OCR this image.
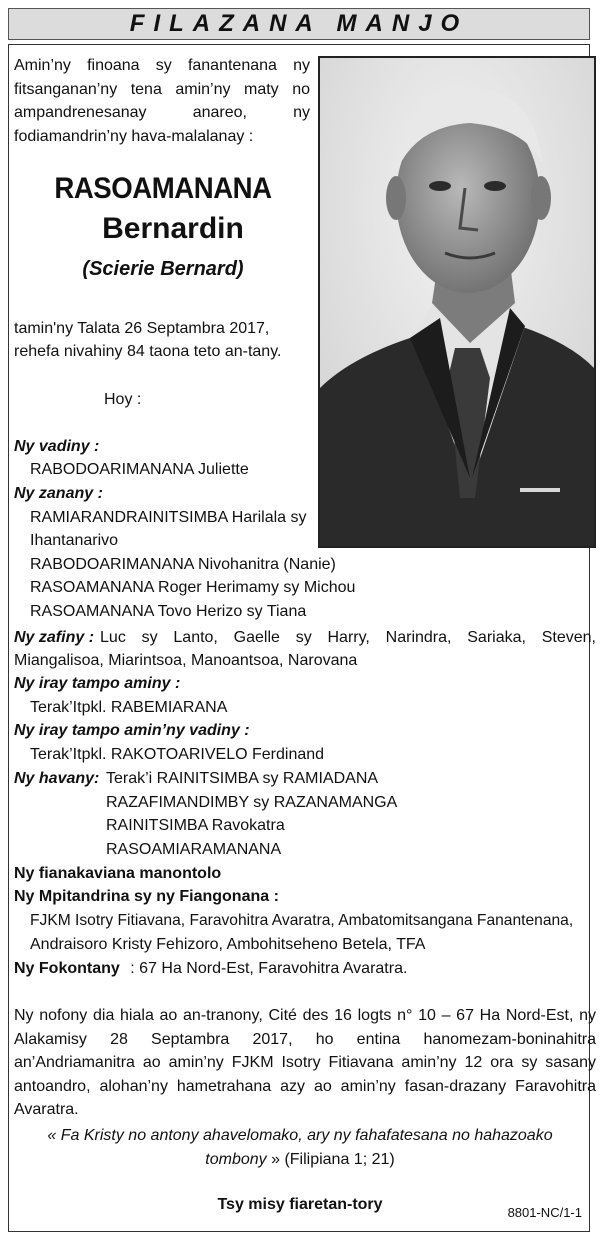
FILAZANA MANJO
Amin’ny finoana sy fanantenana ny fitsanganan’ny tena amin’ny maty no ampandrenesanay anareo, ny fodiamandrin’ny hava-malalanay :
RASOAMANANA
Bernardin
(Scierie Bernard)
tamin'ny Talata 26 Septambra 2017,
rehefa nivahiny 84 taona teto an-tany.
Hoy :
Ny vadiny :
RABODOARIMANANA Juliette
Ny zanany :
RAMIARANDRAINITSIMBA Harilala sy
Ihantanarivo
RABODOARIMANANA Nivohanitra (Nanie)
RASOAMANANA Roger Herimamy sy Michou
RASOAMANANA Tovo Herizo sy Tiana
Ny zafiny : Luc sy Lanto, Gaelle sy Harry, Narindra, Sariaka, Steven,
Miangalisoa, Miarintsoa, Manoantsoa, Narovana
Ny iray tampo aminy :
Terak’Itpkl. RABEMIARANA
Ny iray tampo amin’ny vadiny :
Terak’Itpkl. RAKOTOARIVELO Ferdinand
Ny havany: Terak’i RAINITSIMBA sy RAMIADANA
RAZAFIMANDIMBY sy RAZANAMANGA
RAINITSIMBA Ravokatra
RASOAMIARAMANANA
Ny fianakaviana manontolo
Ny Mpitandrina sy ny Fiangonana :
FJKM Isotry Fitiavana, Faravohitra Avaratra, Ambatomitsangana Fanantenana,
Andraisoro Kristy Fehizoro, Ambohitseheno Betela, TFA
Ny Fokontany : 67 Ha Nord-Est, Faravohitra Avaratra.
Ny nofony dia hiala ao an-tranony, Cité des 16 logts n° 10 – 67 Ha Nord-Est, ny Alakamisy 28 Septambra 2017, ho entina hanomezam-boninahitra an’Andriamanitra ao amin’ny FJKM Isotry Fitiavana amin’ny 12 ora sy sasany antoandro, alohan’ny hametrahana azy ao amin’ny fasan-drazany Faravohitra Avaratra.
« Fa Kristy no antony ahavelomako, ary ny fahafatesana no hahazoako
tombony » (Filipiana 1; 21)
Tsy misy fiaretan-tory	8801-NC/1-1
